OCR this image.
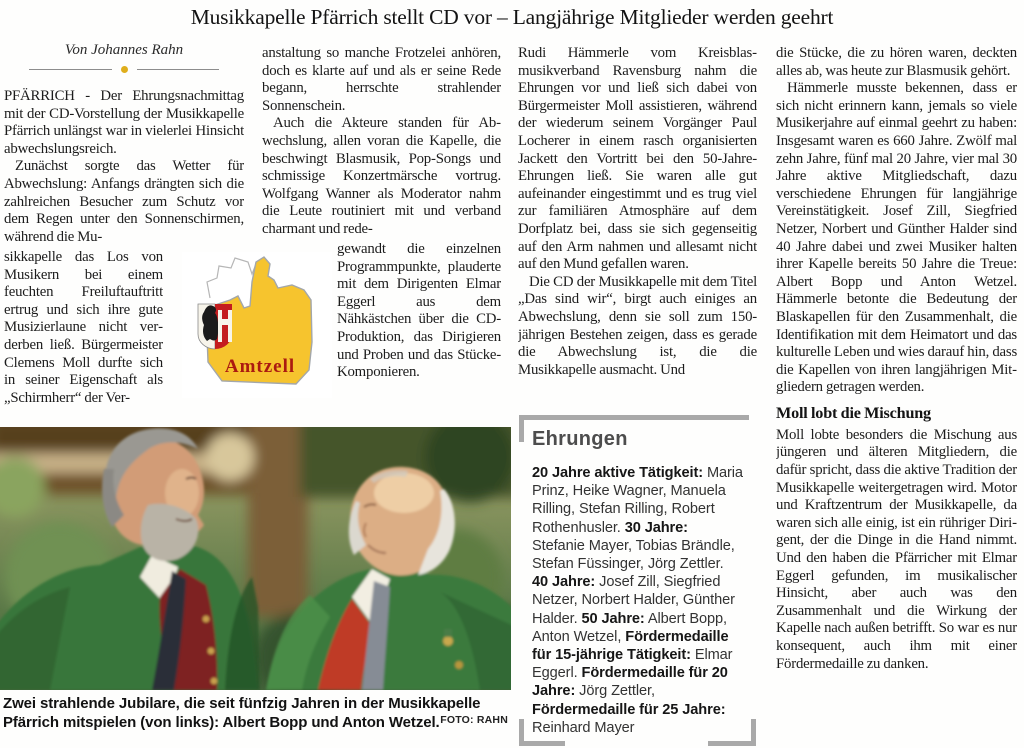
Musikkapelle Pfärrich stellt CD vor – Langjährige Mitglieder werden geehrt
Von Johannes Rahn

PFÄRRICH - Der Ehrungsnachmittag mit der CD-Vorstellung der Musikkapelle Pfärrich unlängst war in vielerlei Hinsicht abwechslungsreich.

Zunächst sorgte das Wetter für Abwechslung: Anfangs drängten sich die zahlreichen Besucher zum Schutz vor dem Regen unter den Sonnenschirmen, während die Mu-

sikkapelle das Los von Musikern bei einem feuchten Freiluftauftritt ertrug und sich ihre gute Musizierlaune nicht verderben ließ. Bürgermeister Clemens Moll durfte sich in seiner Eigenschaft als „Schirmherr“ der Ver-

anstaltung so manche Frotzelei anhören, doch es klarte auf und als er seine Rede begann, herrschte strahlender Sonnenschein.

Auch die Akteure standen für Abwechslung, allen voran die Kapelle, die beschwingt Blasmusik, Pop-Songs und schmissige Konzertmärsche vortrug. Wolfgang Wanner als Moderator nahm die Leute routiniert mit und verband charmant und rede-

gewandt die einzelnen Programmpunkte, plauderte mit dem Dirigenten Elmar Eggerl aus dem Nähkästchen über die CD-Produktion, das Dirigieren und Proben und das Stücke-Komponieren.

Rudi Hämmerle vom Kreisblasmusikverband Ravensburg nahm die Ehrungen vor und ließ sich dabei von Bürgermeister Moll assistieren, während der wiederum seinem Vorgänger Paul Locherer in einem rasch organisierten Jackett den Vortritt bei den 50-Jahre-Ehrungen ließ. Sie waren alle gut aufeinander eingestimmt und es trug viel zur familiären Atmosphäre auf dem Dorfplatz bei, dass sie sich gegenseitig auf den Arm nahmen und allesamt nicht auf den Mund gefallen waren.

Die CD der Musikkapelle mit dem Titel „Das sind wir“, birgt auch einiges an Abwechslung, denn sie soll zum 150-jährigen Bestehen zeigen, dass es gerade die Abwechslung ist, die die Musikkapelle ausmacht. Und

die Stücke, die zu hören waren, deckten alles ab, was heute zur Blasmusik gehört.

Hämmerle musste bekennen, dass er sich nicht erinnern kann, jemals so viele Musikerjahre auf einmal geehrt zu haben: Insgesamt waren es 660 Jahre. Zwölf mal zehn Jahre, fünf mal 20 Jahre, vier mal 30 Jahre aktive Mitgliedschaft, dazu verschiedene Ehrungen für langjährige Vereinstätigkeit. Josef Zill, Siegfried Netzer, Norbert und Günther Halder sind 40 Jahre dabei und zwei Musiker halten ihrer Kapelle bereits 50 Jahre die Treue: Albert Bopp und Anton Wetzel. Hämmerle betonte die Bedeutung der Blaskapellen für den Zusammenhalt, die Identifikation mit dem Heimatort und das kulturelle Leben und wies darauf hin, dass die Kapellen von ihren langjährigen Mitgliedern getragen werden.

Moll lobt die Mischung

Moll lobte besonders die Mischung aus jüngeren und älteren Mitgliedern, die dafür spricht, dass die aktive Tradition der Musikkapelle weitergetragen wird. Motor und Kraftzentrum der Musikkapelle, da waren sich alle einig, ist ein rühriger Dirigent, der die Dinge in die Hand nimmt. Und den haben die Pfärricher mit Elmar Eggerl gefunden, im musikalischer Hinsicht, aber auch was den Zusammenhalt und die Wirkung der Kapelle nach außen betrifft. So war es nur konsequent, auch ihm mit einer Fördermedaille zu danken.

Amtzell
Ehrungen

20 Jahre aktive Tätigkeit: Maria Prinz, Heike Wagner, Manuela Rilling, Stefan Rilling, Robert Rothenhusler. 30 Jahre: Stefanie Mayer, Tobias Brändle, Stefan Füssinger, Jörg Zettler. 40 Jahre: Josef Zill, Siegfried Netzer, Norbert Halder, Günther Halder. 50 Jahre: Albert Bopp, Anton Wetzel, Fördermedaille für 15-jährige Tätigkeit: Elmar Eggerl. Fördermedaille für 20 Jahre: Jörg Zettler, Fördermedaille für 25 Jahre: Reinhard Mayer

Zwei strahlende Jubilare, die seit fünfzig Jahren in der Musikkapelle Pfärrich mitspielen (von links): Albert Bopp und Anton Wetzel. FOTO: RAHN
